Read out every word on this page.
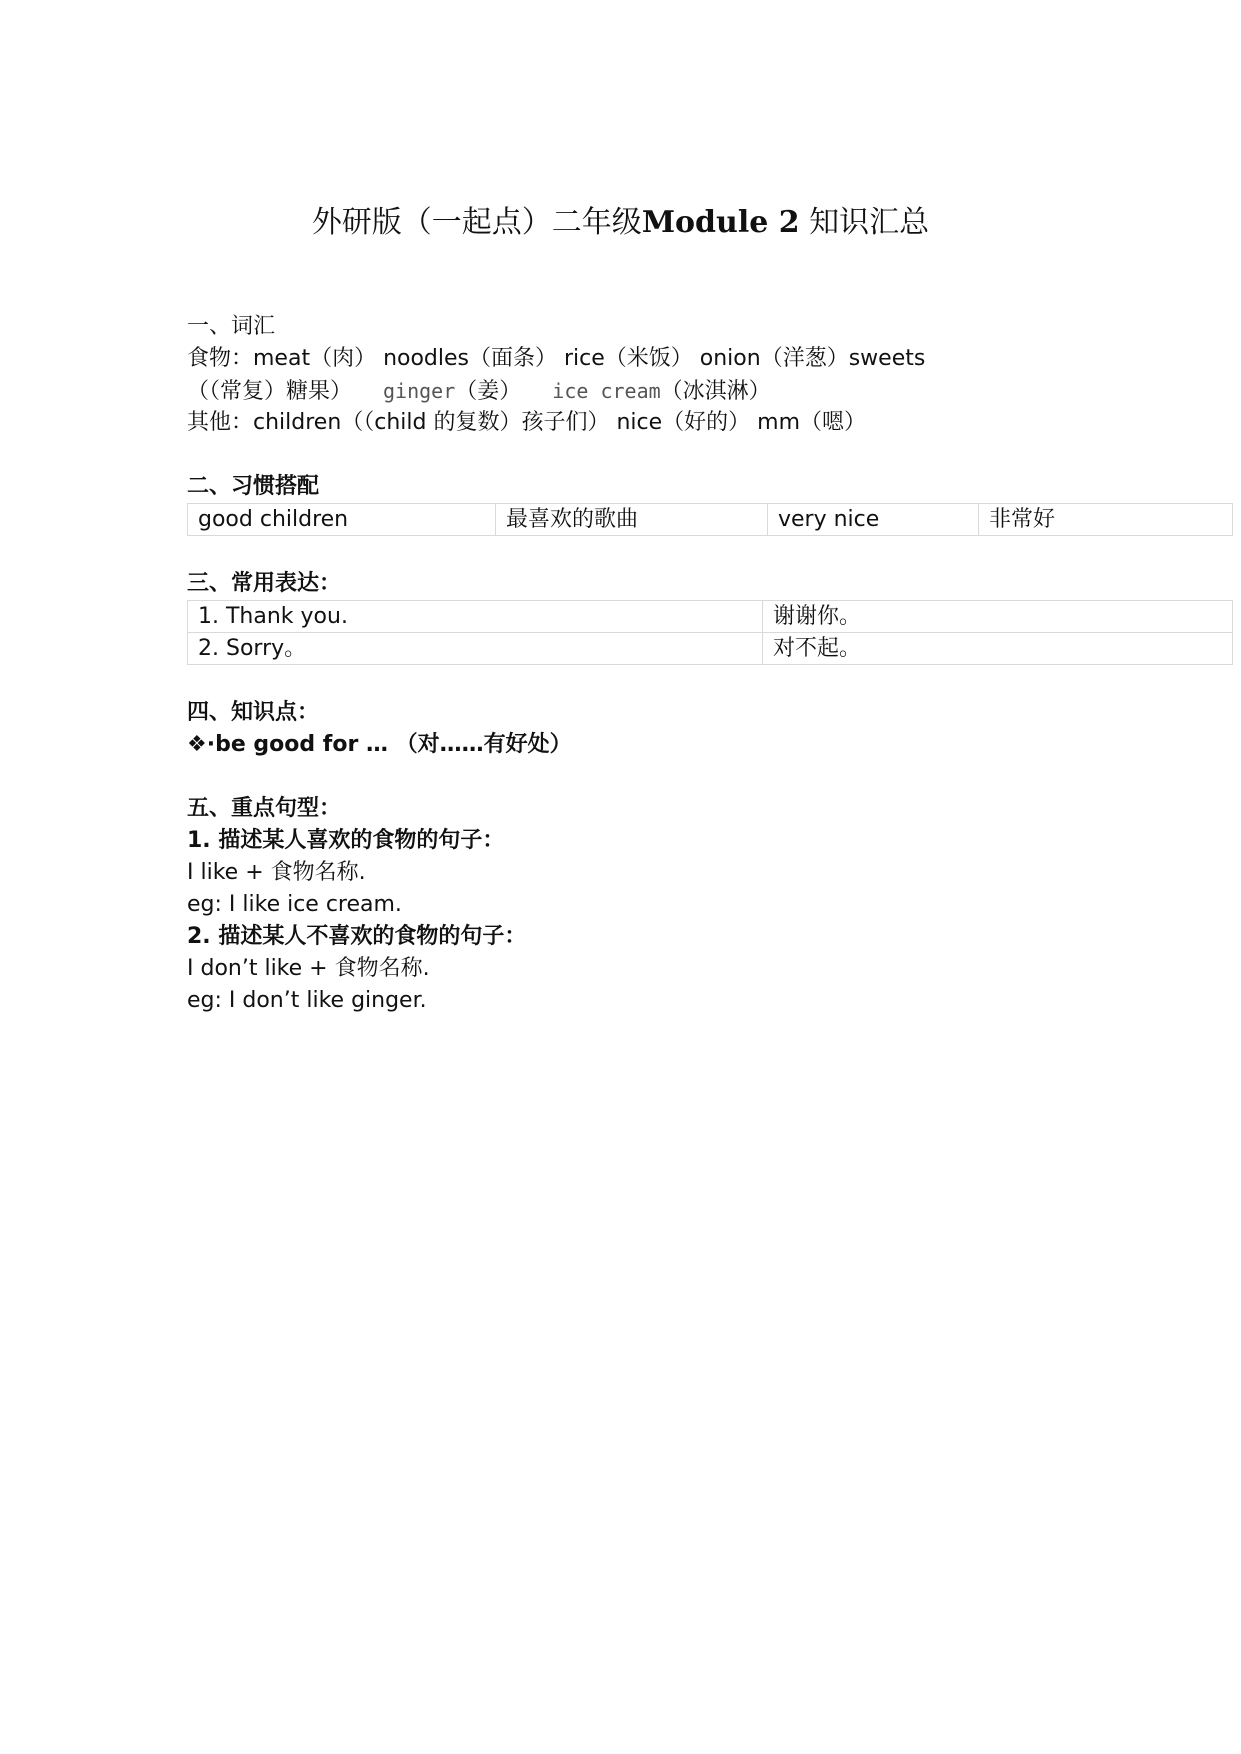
外研版（一起点）二年级Module 2 知识汇总
一、词汇
食物：meat（肉） noodles（面条） rice（米饭） onion（洋葱）sweets
（（常复）糖果） ginger（姜） ice cream（冰淇淋）
其他：children（（child 的复数）孩子们） nice（好的） mm（嗯）
二、习惯搭配
good children	最喜欢的歌曲	very nice	非常好
三、常用表达：
1. Thank you.	谢谢你。
2. Sorry。	对不起。
四、知识点：
❖·be good for … （对……有好处）
五、重点句型：
1. 描述某人喜欢的食物的句子：
I like + 食物名称.
eg: I like ice cream.
2. 描述某人不喜欢的食物的句子：
I don’t like + 食物名称.
eg: I don’t like ginger.
